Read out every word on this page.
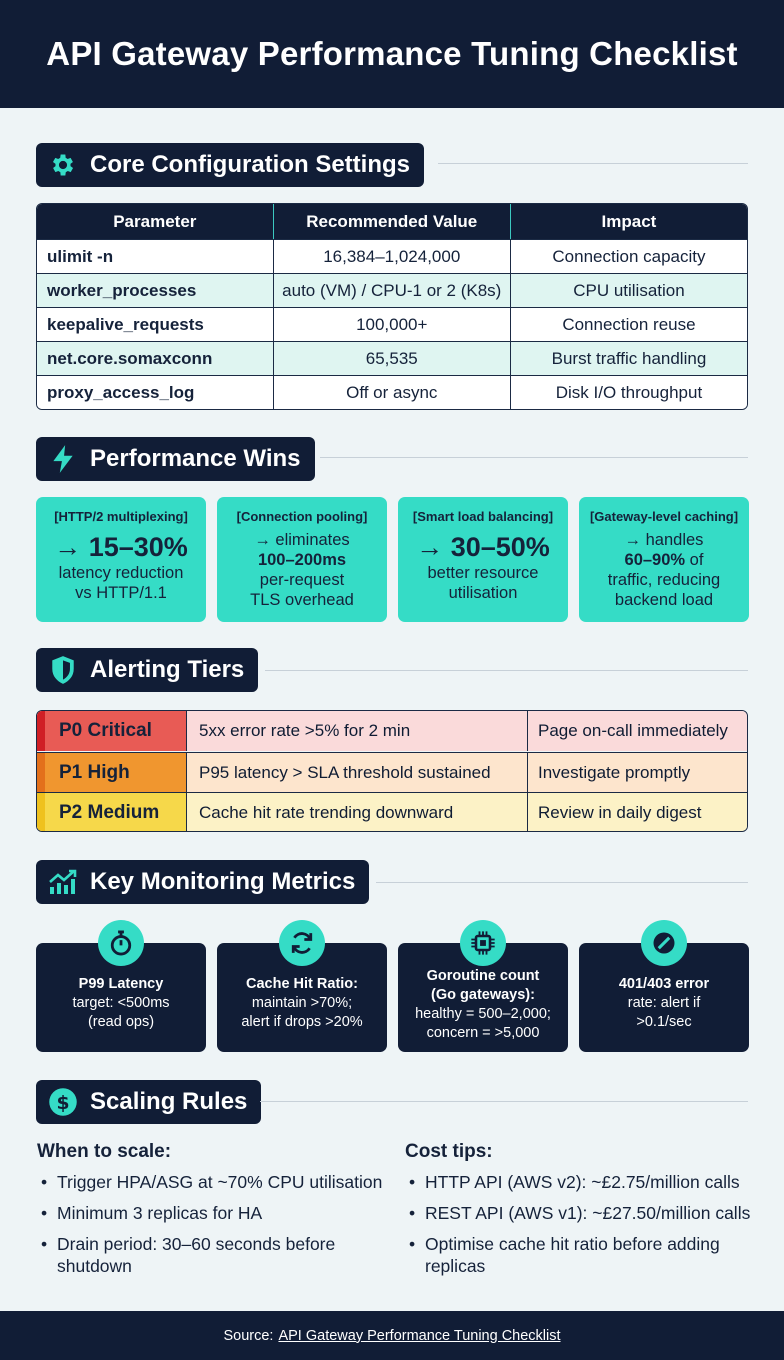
API Gateway Performance Tuning Checklist
Core Configuration Settings
Parameter	Recommended Value	Impact
ulimit -n	16,384–1,024,000	Connection capacity
worker_processes	auto (VM) / CPU-1 or 2 (K8s)	CPU utilisation
keepalive_requests	100,000+	Connection reuse
net.core.somaxconn	65,535	Burst traffic handling
proxy_access_log	Off or async	Disk I/O throughput
Performance Wins
[HTTP/2 multiplexing]
→ 15–30%
latency reduction
vs HTTP/1.1
[Connection pooling]
→ eliminates
100–200ms
per-request
TLS overhead
[Smart load balancing]
→ 30–50%
better resource
utilisation
[Gateway-level caching]
→ handles
60–90% of
traffic, reducing
backend load
Alerting Tiers
P0 Critical	5xx error rate >5% for 2 min	Page on-call immediately
P1 High	P95 latency > SLA threshold sustained	Investigate promptly
P2 Medium	Cache hit rate trending downward	Review in daily digest
Key Monitoring Metrics
P99 Latency
target: <500ms
(read ops)
Cache Hit Ratio:
maintain >70%;
alert if drops >20%
Goroutine count
(Go gateways):
healthy = 500–2,000;
concern = >5,000
401/403 error
rate: alert if
>0.1/sec
$ Scaling Rules
When to scale:
• Trigger HPA/ASG at ~70% CPU utilisation
• Minimum 3 replicas for HA
• Drain period: 30–60 seconds before shutdown
Cost tips:
• HTTP API (AWS v2): ~£2.75/million calls
• REST API (AWS v1): ~£27.50/million calls
• Optimise cache hit ratio before adding replicas
Source: API Gateway Performance Tuning Checklist
